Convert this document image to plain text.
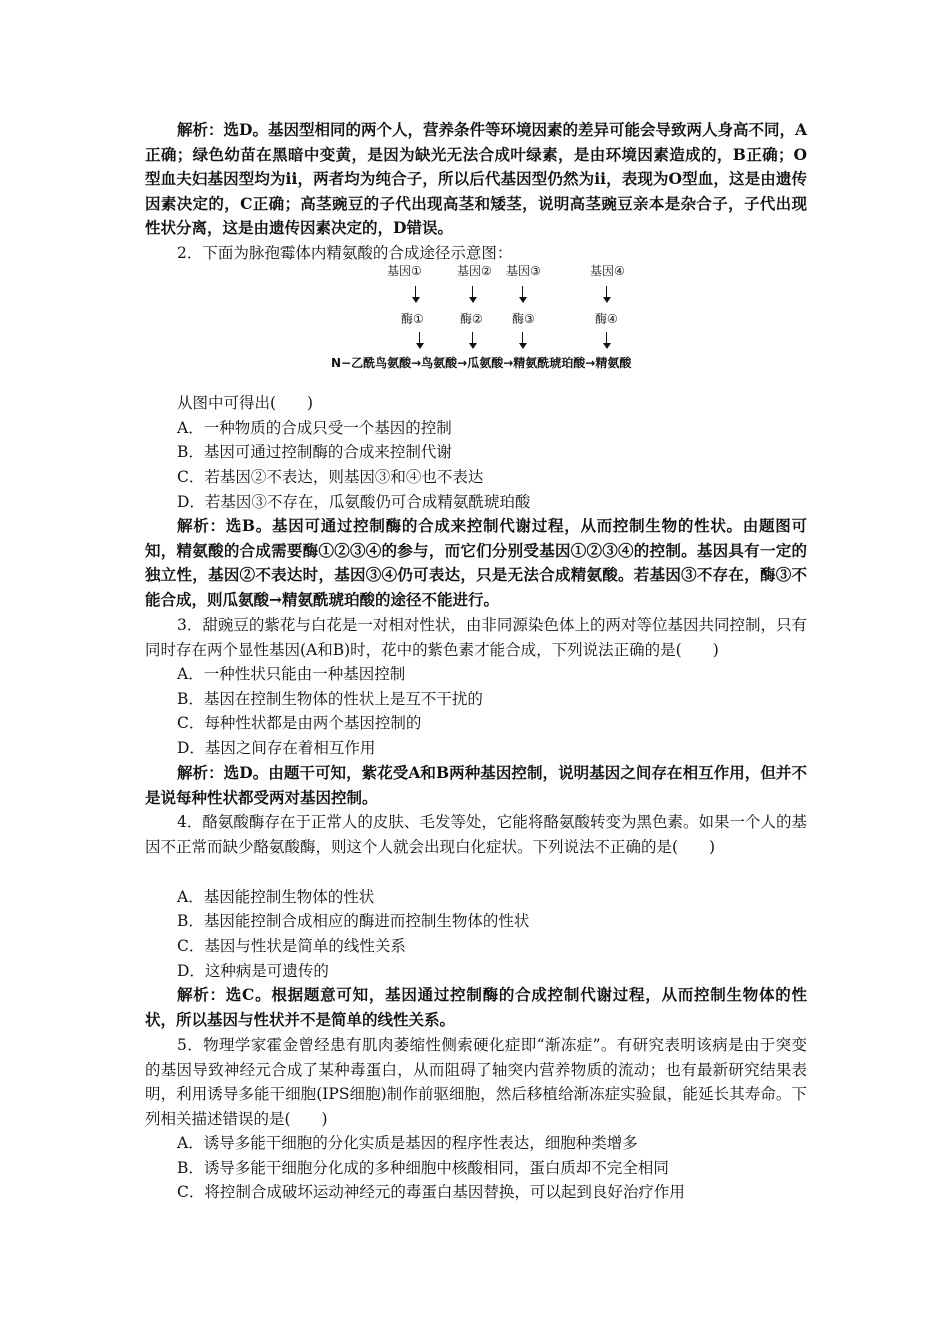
解析：选D。基因型相同的两个人，营养条件等环境因素的差异可能会导致两人身高不同，A正确；绿色幼苗在黑暗中变黄，是因为缺光无法合成叶绿素，是由环境因素造成的，B正确；O型血夫妇基因型均为ii，两者均为纯合子，所以后代基因型仍然为ii，表现为O型血，这是由遗传因素决定的，C正确；高茎豌豆的子代出现高茎和矮茎，说明高茎豌豆亲本是杂合子，子代出现性状分离，这是由遗传因素决定的，D错误。

2．下面为脉孢霉体内精氨酸的合成途径示意图：

基因①	基因② 基因③	基因④
酶①	酶② 酶③	酶④
N−乙酰鸟氨酸→鸟氨酸→瓜氨酸→精氨酰琥珀酸→精氨酸
从图中可得出(　　)
A．一种物质的合成只受一个基因的控制
B．基因可通过控制酶的合成来控制代谢
C．若基因②不表达，则基因③和④也不表达
D．若基因③不存在，瓜氨酸仍可合成精氨酰琥珀酸

解析：选B。基因可通过控制酶的合成来控制代谢过程，从而控制生物的性状。由题图可知，精氨酸的合成需要酶①②③④的参与，而它们分别受基因①②③④的控制。基因具有一定的独立性，基因②不表达时，基因③④仍可表达，只是无法合成精氨酸。若基因③不存在，酶③不能合成，则瓜氨酸→精氨酰琥珀酸的途径不能进行。

3．甜豌豆的紫花与白花是一对相对性状，由非同源染色体上的两对等位基因共同控制，只有同时存在两个显性基因(A和B)时，花中的紫色素才能合成，下列说法正确的是(　　)

A．一种性状只能由一种基因控制
B．基因在控制生物体的性状上是互不干扰的
C．每种性状都是由两个基因控制的
D．基因之间存在着相互作用

解析：选D。由题干可知，紫花受A和B两种基因控制，说明基因之间存在相互作用，但并不是说每种性状都受两对基因控制。

4．酪氨酸酶存在于正常人的皮肤、毛发等处，它能将酪氨酸转变为黑色素。如果一个人的基因不正常而缺少酪氨酸酶，则这个人就会出现白化症状。下列说法不正确的是(　　)

A．基因能控制生物体的性状
B．基因能控制合成相应的酶进而控制生物体的性状
C．基因与性状是简单的线性关系
D．这种病是可遗传的

解析：选C。根据题意可知，基因通过控制酶的合成控制代谢过程，从而控制生物体的性状，所以基因与性状并不是简单的线性关系。

5．物理学家霍金曾经患有肌肉萎缩性侧索硬化症即“渐冻症”。有研究表明该病是由于突变的基因导致神经元合成了某种毒蛋白，从而阻碍了轴突内营养物质的流动；也有最新研究结果表明，利用诱导多能干细胞(IPS细胞)制作前驱细胞，然后移植给渐冻症实验鼠，能延长其寿命。下列相关描述错误的是(　　)

A．诱导多能干细胞的分化实质是基因的程序性表达，细胞种类增多
B．诱导多能干细胞分化成的多种细胞中核酸相同，蛋白质却不完全相同
C．将控制合成破坏运动神经元的毒蛋白基因替换，可以起到良好治疗作用
